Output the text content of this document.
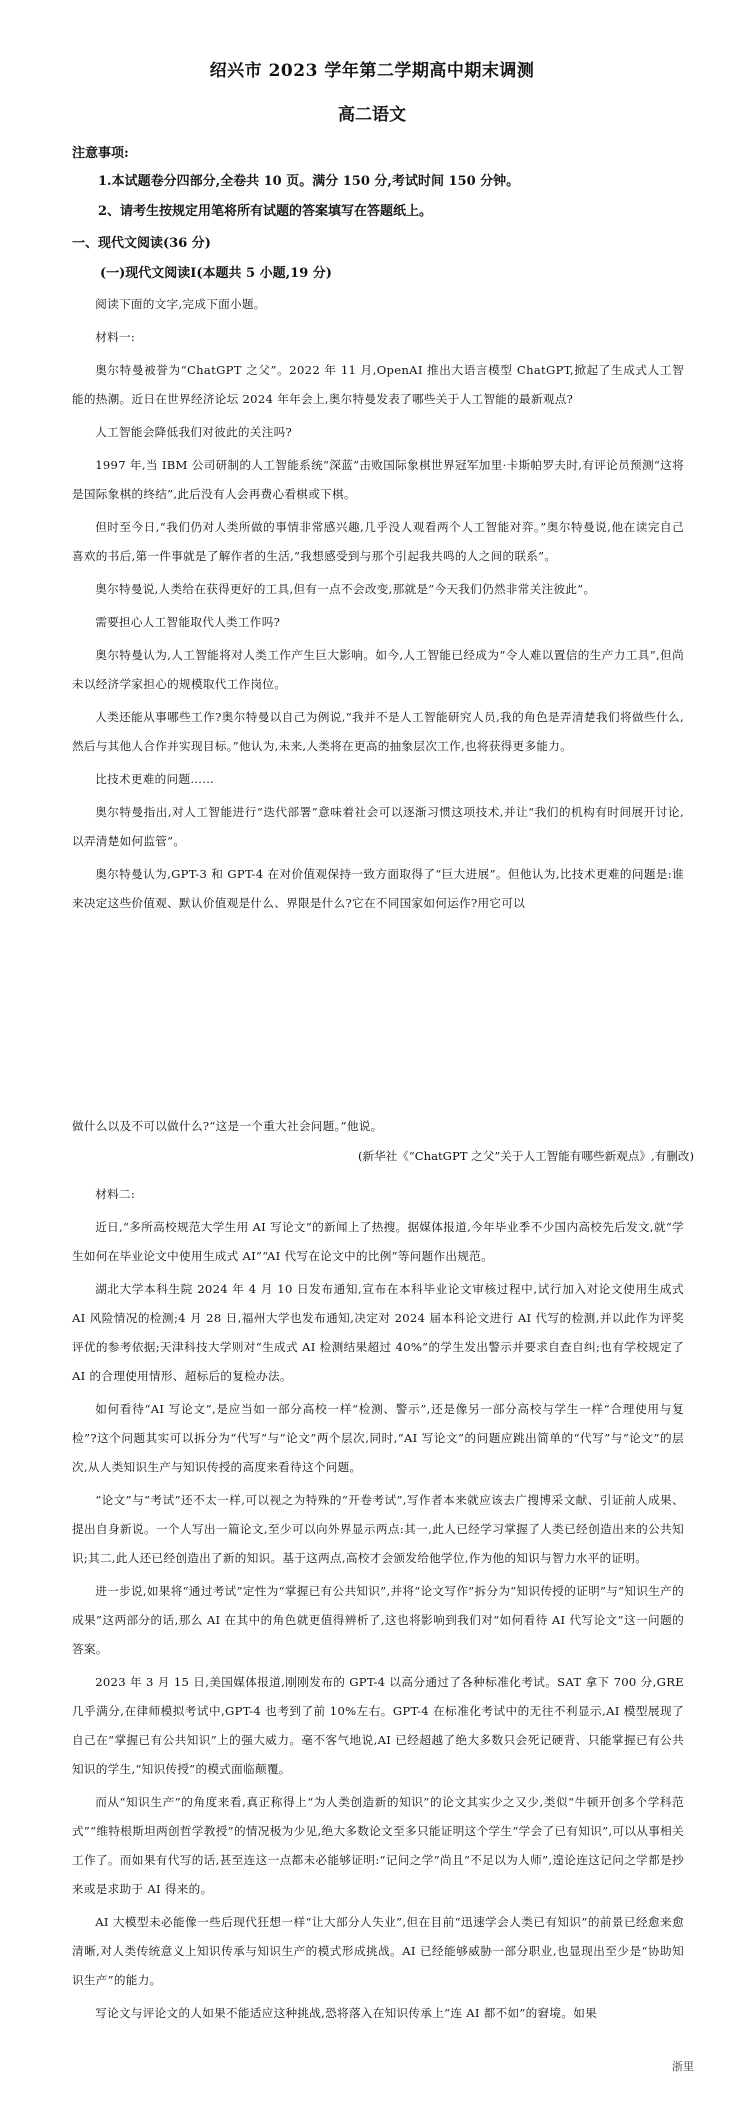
绍兴市 2023 学年第二学期高中期末调测
高二语文
注意事项:
1.本试题卷分四部分,全卷共 10 页。满分 150 分,考试时间 150 分钟。
2、请考生按规定用笔将所有试题的答案填写在答题纸上。
一、现代文阅读(36 分)
(一)现代文阅读Ⅰ(本题共 5 小题,19 分)

阅读下面的文字,完成下面小题。

材料一:

奥尔特曼被誉为“ChatGPT 之父”。2022 年 11 月,OpenAI 推出大语言模型 ChatGPT,掀起了生成式人工智能的热潮。近日在世界经济论坛 2024 年年会上,奥尔特曼发表了哪些关于人工智能的最新观点?

人工智能会降低我们对彼此的关注吗?

1997 年,当 IBM 公司研制的人工智能系统“深蓝”击败国际象棋世界冠军加里·卡斯帕罗夫时,有评论员预测“这将是国际象棋的终结”,此后没有人会再费心看棋或下棋。

但时至今日,“我们仍对人类所做的事情非常感兴趣,几乎没人观看两个人工智能对弈。”奥尔特曼说,他在读完自己喜欢的书后,第一件事就是了解作者的生活,“我想感受到与那个引起我共鸣的人之间的联系”。

奥尔特曼说,人类给在获得更好的工具,但有一点不会改变,那就是“今天我们仍然非常关注彼此”。

需要担心人工智能取代人类工作吗?

奥尔特曼认为,人工智能将对人类工作产生巨大影响。如今,人工智能已经成为“令人难以置信的生产力工具”,但尚未以经济学家担心的规模取代工作岗位。

人类还能从事哪些工作?奥尔特曼以自己为例说,“我并不是人工智能研究人员,我的角色是弄清楚我们将做些什么,然后与其他人合作并实现目标。”他认为,未来,人类将在更高的抽象层次工作,也将获得更多能力。

比技术更难的问题……

奥尔特曼指出,对人工智能进行“迭代部署”意味着社会可以逐渐习惯这项技术,并让“我们的机构有时间展开讨论,以弄清楚如何监管”。

奥尔特曼认为,GPT-3 和 GPT-4 在对价值观保持一致方面取得了“巨大进展”。但他认为,比技术更难的问题是:谁来决定这些价值观、默认价值观是什么、界限是什么?它在不同国家如何运作?用它可以

做什么以及不可以做什么?“这是一个重大社会问题。”他说。

(新华社《“ChatGPT 之父”关于人工智能有哪些新观点》,有删改)

材料二:

近日,“多所高校规范大学生用 AI 写论文”的新闻上了热搜。据媒体报道,今年毕业季不少国内高校先后发文,就“学生如何在毕业论文中使用生成式 AI”“AI 代写在论文中的比例”等问题作出规范。

湖北大学本科生院 2024 年 4 月 10 日发布通知,宣布在本科毕业论文审核过程中,试行加入对论文使用生成式 AI 风险情况的检测;4 月 28 日,福州大学也发布通知,决定对 2024 届本科论文进行 AI 代写的检测,并以此作为评奖评优的参考依据;天津科技大学则对“生成式 AI 检测结果超过 40%”的学生发出警示并要求自查自纠;也有学校规定了 AI 的合理使用情形、超标后的复检办法。

如何看待“AI 写论文”,是应当如一部分高校一样“检测、警示”,还是像另一部分高校与学生一样“合理使用与复检”?这个问题其实可以拆分为“代写”与“论文”两个层次,同时,“AI 写论文”的问题应跳出简单的“代写”与“论文”的层次,从人类知识生产与知识传授的高度来看待这个问题。

“论文”与“考试”还不太一样,可以视之为特殊的“开卷考试”,写作者本来就应该去广搜博采文献、引证前人成果、提出自身新说。一个人写出一篇论文,至少可以向外界显示两点:其一,此人已经学习掌握了人类已经创造出来的公共知识;其二,此人还已经创造出了新的知识。基于这两点,高校才会颁发给他学位,作为他的知识与智力水平的证明。

进一步说,如果将“通过考试”定性为“掌握已有公共知识”,并将“论文写作”拆分为“知识传授的证明”与“知识生产的成果”这两部分的话,那么 AI 在其中的角色就更值得辨析了,这也将影响到我们对“如何看待 AI 代写论文”这一问题的答案。

2023 年 3 月 15 日,美国媒体报道,刚刚发布的 GPT-4 以高分通过了各种标准化考试。SAT 拿下 700 分,GRE 几乎满分,在律师模拟考试中,GPT-4 也考到了前 10%左右。GPT-4 在标准化考试中的无往不利显示,AI 模型展现了自己在“掌握已有公共知识”上的强大威力。毫不客气地说,AI 已经超越了绝大多数只会死记硬背、只能掌握已有公共知识的学生,“知识传授”的模式面临颠覆。

而从“知识生产”的角度来看,真正称得上“为人类创造新的知识”的论文其实少之又少,类似“牛顿开创多个学科范式”“维特根斯坦两创哲学教授”的情况极为少见,绝大多数论文至多只能证明这个学生“学会了已有知识”,可以从事相关工作了。而如果有代写的话,甚至连这一点都未必能够证明:“记问之学”尚且“不足以为人师”,遑论连这记问之学都是抄来或是求助于 AI 得来的。

AI 大模型未必能像一些后现代狂想一样“让大部分人失业”,但在目前“迅速学会人类已有知识”的前景已经愈来愈清晰,对人类传统意义上知识传承与知识生产的模式形成挑战。AI 已经能够威胁一部分职业,也显现出至少是“协助知识生产”的能力。

写论文与评论文的人如果不能适应这种挑战,恐将落入在知识传承上“连 AI 都不如”的窘境。如果

浙里
